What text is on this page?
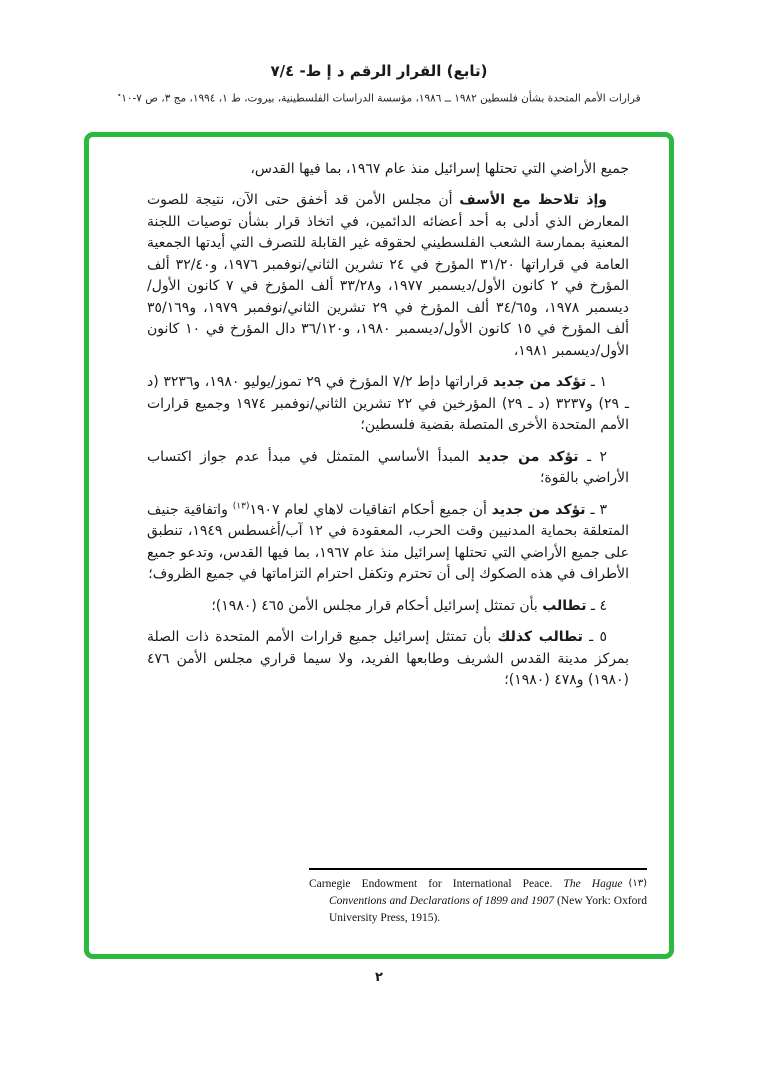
(تابع) القرار الرقم د إ ط- ٧/٤
قرارات الأمم المتحدة بشأن فلسطين ١٩٨٢ ــ ١٩٨٦، مؤسسة الدراسات الفلسطينية، بيروت، ط ١، ١٩٩٤، مج ٣، ص ٧-١٠٭

جميع الأراضي التي تحتلها إسرائيل منذ عام ١٩٦٧، بما فيها القدس،

وإذ تلاحظ مع الأسف أن مجلس الأمن قد أخفق حتى الآن، نتيجة للصوت المعارض الذي أدلى به أحد أعضائه الدائمين، في اتخاذ قرار بشأن توصيات اللجنة المعنية بممارسة الشعب الفلسطيني لحقوقه غير القابلة للتصرف التي أيدتها الجمعية العامة في قراراتها ٣١/٢٠ المؤرخ في ٢٤ تشرين الثاني/نوفمبر ١٩٧٦، و٣٢/٤٠ ألف المؤرخ في ٢ كانون الأول/ديسمبر ١٩٧٧، و٣٣/٢٨ ألف المؤرخ في ٧ كانون الأول/ديسمبر ١٩٧٨، و٣٤/٦٥ ألف المؤرخ في ٢٩ تشرين الثاني/نوفمبر ١٩٧٩، و٣٥/١٦٩ ألف المؤرخ في ١٥ كانون الأول/ديسمبر ١٩٨٠، و٣٦/١٢٠ دال المؤرخ في ١٠ كانون الأول/ديسمبر ١٩٨١،

١ ـ تؤكد من جديد قراراتها دإط ٧/٢ المؤرخ في ٢٩ تموز/يوليو ١٩٨٠، و٣٢٣٦ (د ـ ٢٩) و٣٢٣٧ (د ـ ٢٩) المؤرخين في ٢٢ تشرين الثاني/نوفمبر ١٩٧٤ وجميع قرارات الأمم المتحدة الأخرى المتصلة بقضية فلسطين؛

٢ ـ تؤكد من جديد المبدأ الأساسي المتمثل في مبدأ عدم جواز اكتساب الأراضي بالقوة؛

٣ ـ تؤكد من جديد أن جميع أحكام اتفاقيات لاهاي لعام ١٩٠٧$^{(١٣)}$ واتفاقية جنيف المتعلقة بحماية المدنيين وقت الحرب، المعقودة في ١٢ آب/أغسطس ١٩٤٩، تنطبق على جميع الأراضي التي تحتلها إسرائيل منذ عام ١٩٦٧، بما فيها القدس، وتدعو جميع الأطراف في هذه الصكوك إلى أن تحترم وتكفل احترام التزاماتها في جميع الظروف؛

٤ ـ تطالب بأن تمتثل إسرائيل أحكام قرار مجلس الأمن ٤٦٥ (١٩٨٠)؛

٥ ـ تطالب كذلك بأن تمتثل إسرائيل جميع قرارات الأمم المتحدة ذات الصلة بمركز مدينة القدس الشريف وطابعها الفريد، ولا سيما قراري مجلس الأمن ٤٧٦ (١٩٨٠) و٤٧٨ (١٩٨٠)؛

(١٣)
Carnegie Endowment for International Peace. The Hague Conventions and Declarations of 1899 and 1907 (New York: Oxford University Press, 1915).
٢
